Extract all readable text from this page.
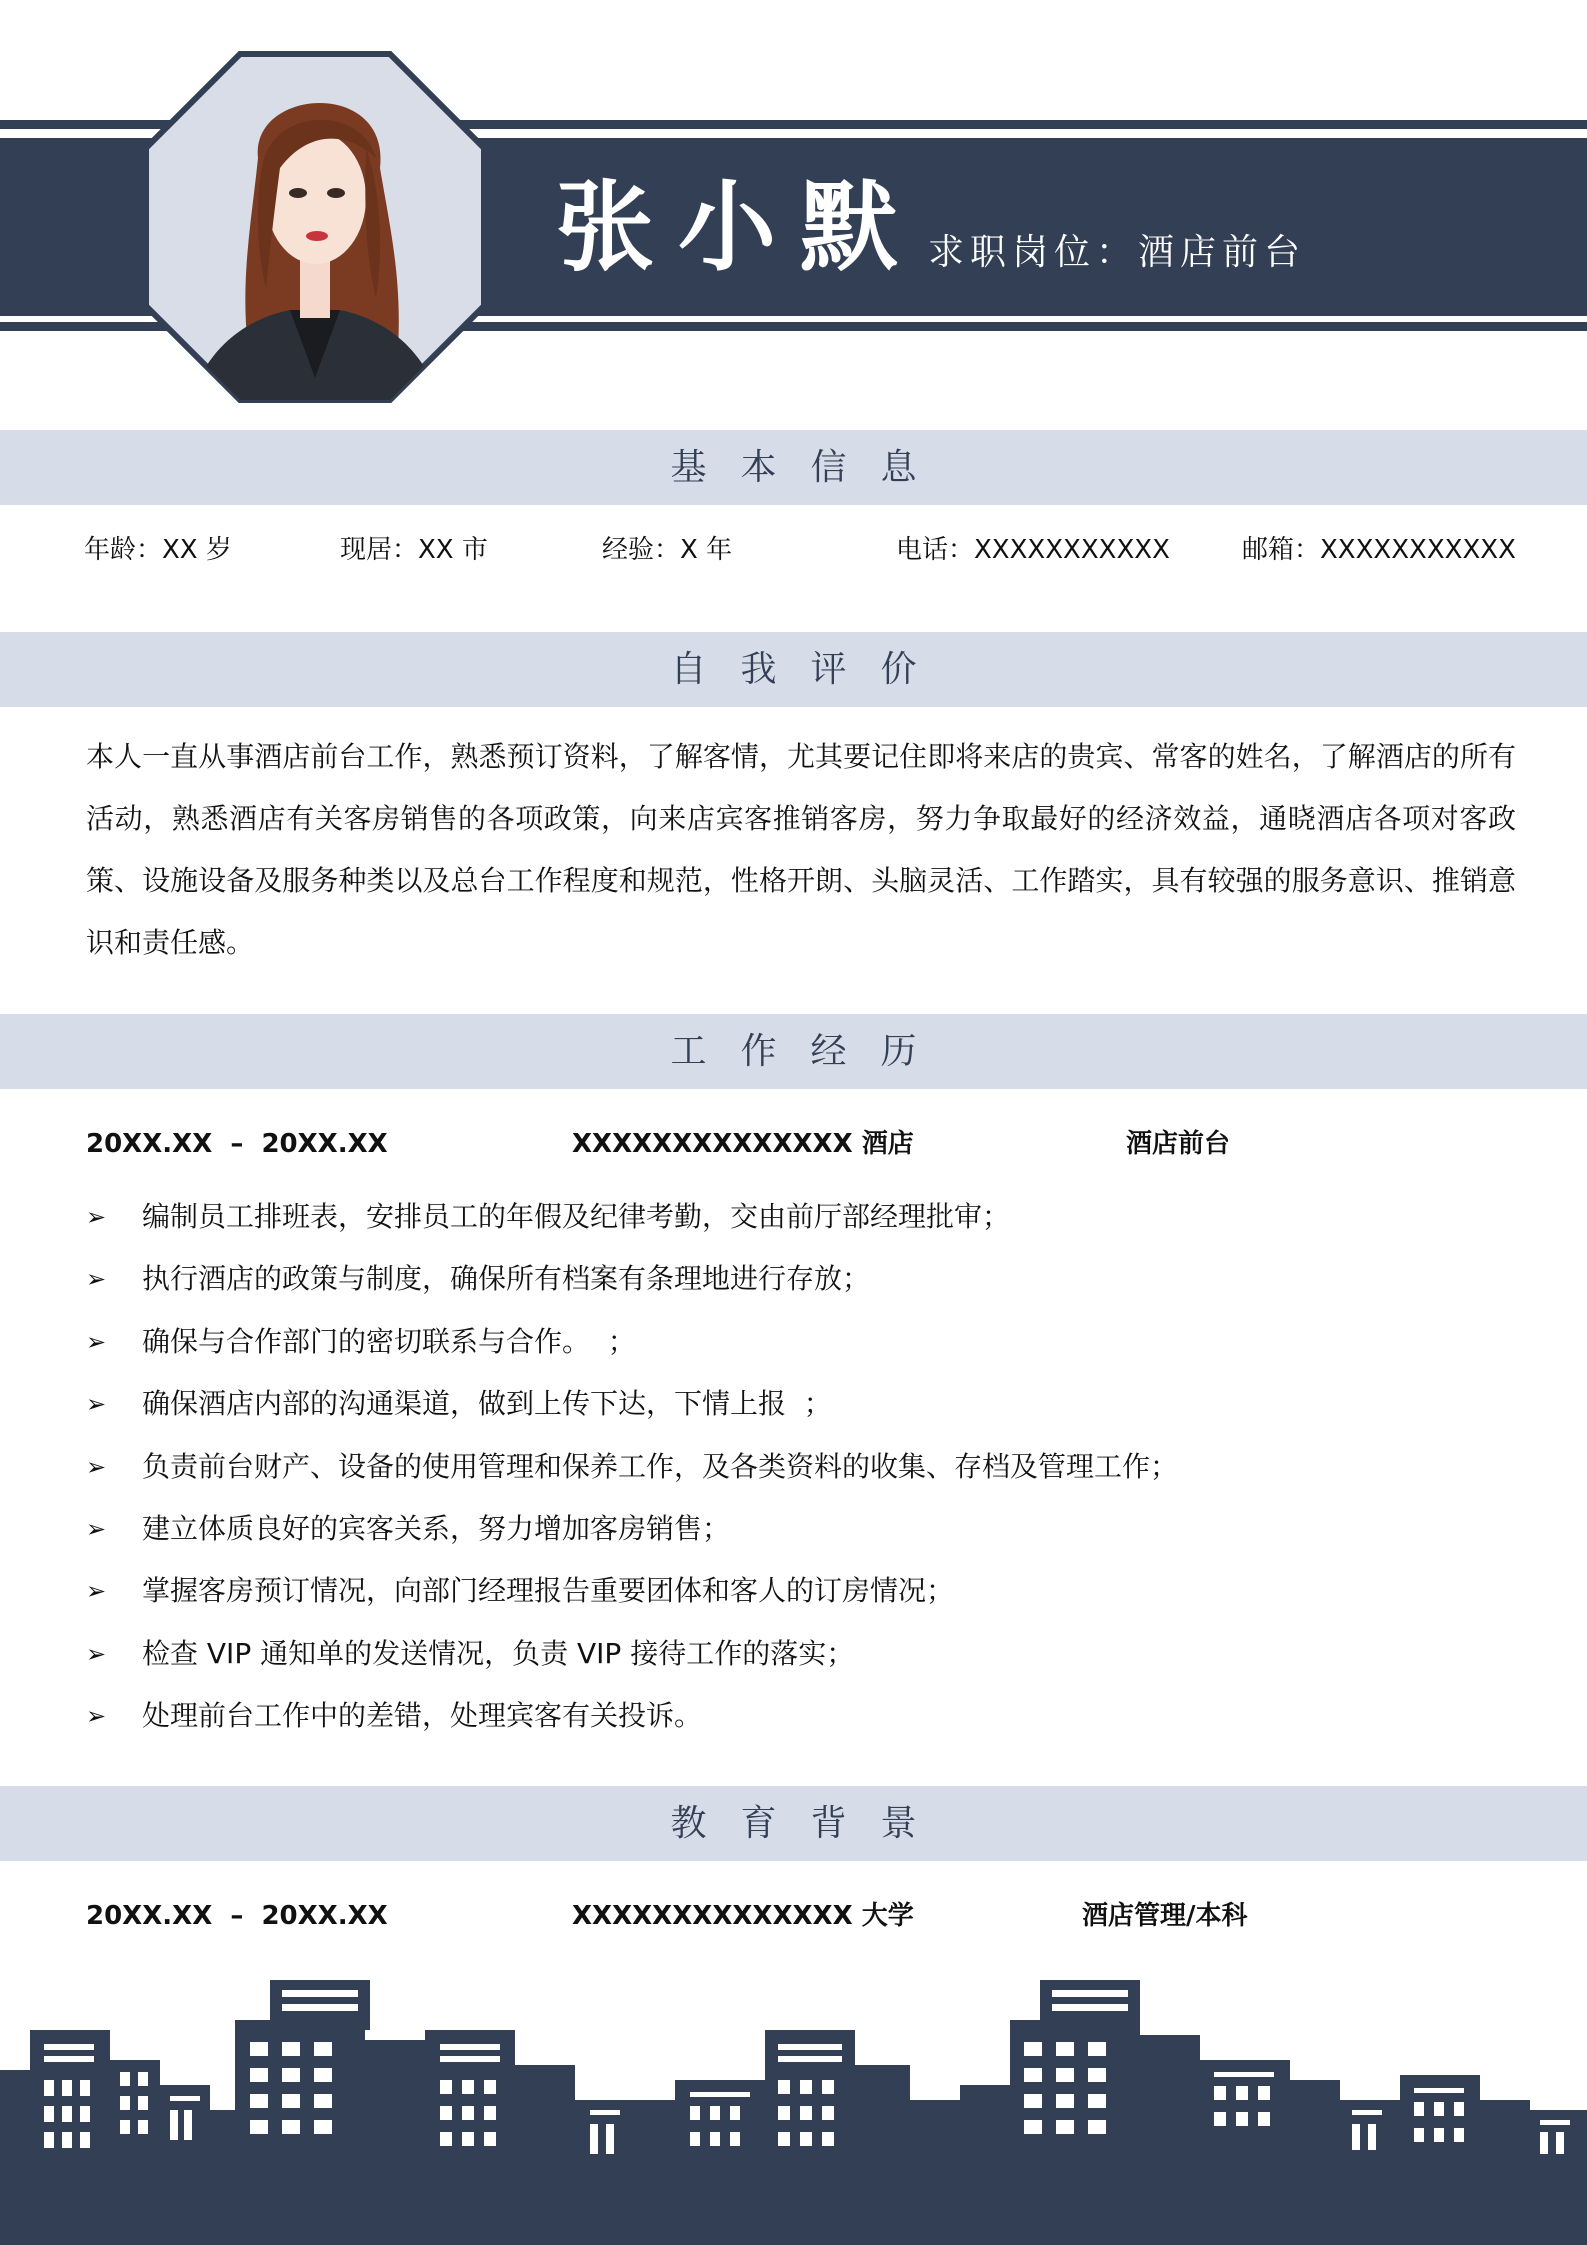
张小默 求职岗位：酒店前台
基本信息
年龄：XX 岁	现居：XX 市	经验：X 年	电话：XXXXXXXXXXX	邮箱：XXXXXXXXXXX
自我评价
本人一直从事酒店前台工作，熟悉预订资料，了解客情，尤其要记住即将来店的贵宾、常客的姓名，了解酒店的所有活动，熟悉酒店有关客房销售的各项政策，向来店宾客推销客房，努力争取最好的经济效益，通晓酒店各项对客政策、设施设备及服务种类以及总台工作程度和规范，性格开朗、头脑灵活、工作踏实，具有较强的服务意识、推销意识和责任感。
工作经历
20XX.XX  –  20XX.XX	XXXXXXXXXXXXXX 酒店	酒店前台
➢ 编制员工排班表，安排员工的年假及纪律考勤，交由前厅部经理批审；
➢ 执行酒店的政策与制度，确保所有档案有条理地进行存放；
➢ 确保与合作部门的密切联系与合作。  ；
➢ 确保酒店内部的沟通渠道，做到上传下达，下情上报  ；
➢ 负责前台财产、设备的使用管理和保养工作，及各类资料的收集、存档及管理工作；
➢ 建立体质良好的宾客关系，努力增加客房销售；
➢ 掌握客房预订情况，向部门经理报告重要团体和客人的订房情况；
➢ 检查 VIP 通知单的发送情况，负责 VIP 接待工作的落实；
➢ 处理前台工作中的差错，处理宾客有关投诉。
教育背景
20XX.XX  –  20XX.XX	XXXXXXXXXXXXXX 大学	酒店管理/本科
